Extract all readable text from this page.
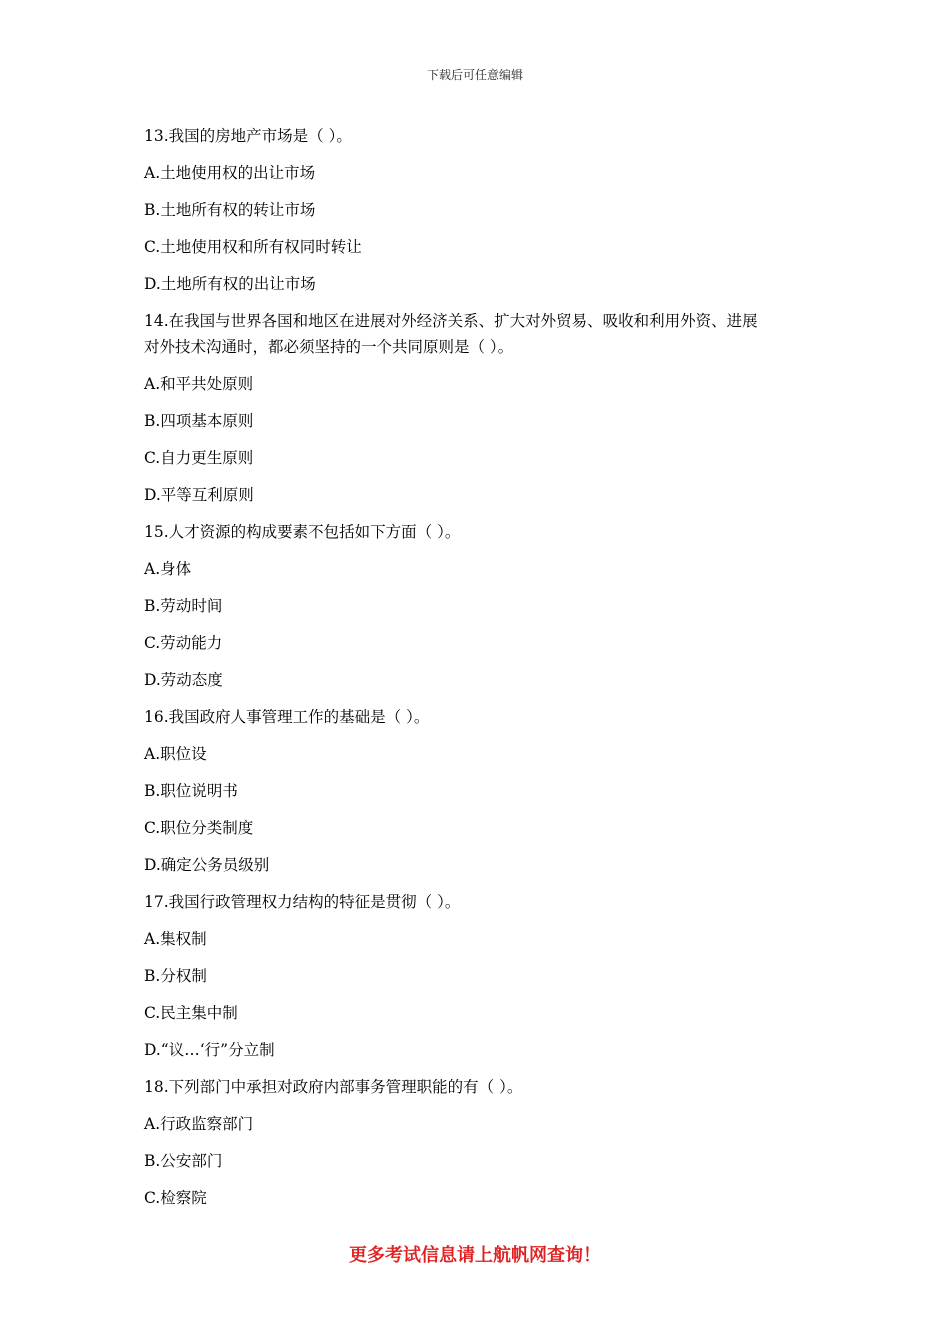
下载后可任意编辑
13.我国的房地产市场是（ ）。
A.土地使用权的出让市场
B.土地所有权的转让市场
C.土地使用权和所有权同时转让
D.土地所有权的出让市场
14.在我国与世界各国和地区在进展对外经济关系、扩大对外贸易、吸收和利用外资、进展
对外技术沟通时，都必须坚持的一个共同原则是（ ）。
A.和平共处原则
B.四项基本原则
C.自力更生原则
D.平等互利原则
15.人才资源的构成要素不包括如下方面（ ）。
A.身体
B.劳动时间
C.劳动能力
D.劳动态度
16.我国政府人事管理工作的基础是（ ）。
A.职位设
B.职位说明书
C.职位分类制度
D.确定公务员级别
17.我国行政管理权力结构的特征是贯彻（ ）。
A.集权制
B.分权制
C.民主集中制
D.“议…‘行”分立制
18.下列部门中承担对政府内部事务管理职能的有（ ）。
A.行政监察部门
B.公安部门
C.检察院
更多考试信息请上航帆网查询！
